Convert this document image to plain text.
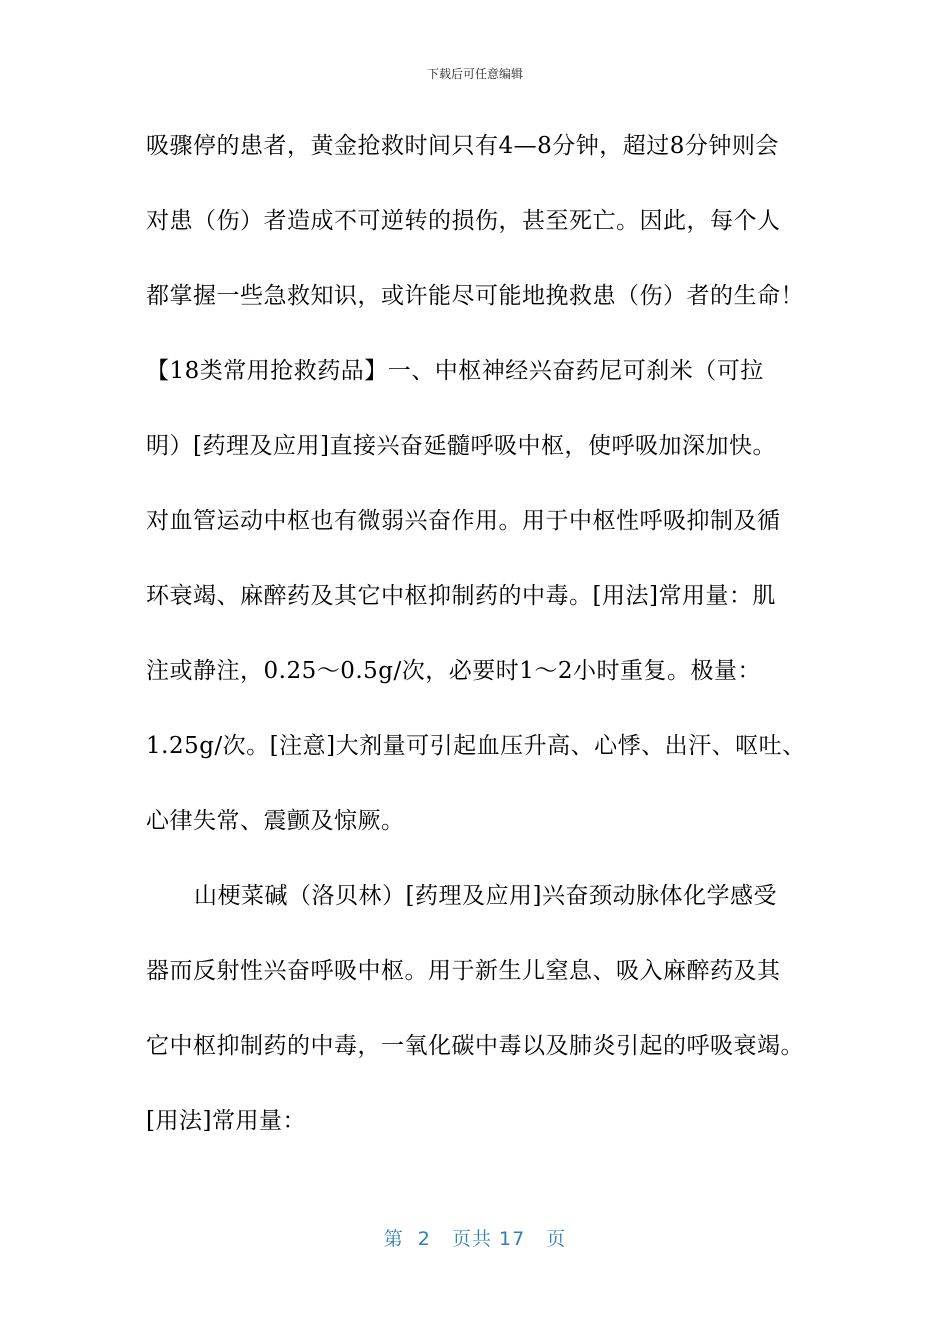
下载后可任意编辑
吸骤停的患者，黄金抢救时间只有4—8分钟，超过8分钟则会
对患（伤）者造成不可逆转的损伤，甚至死亡。因此，每个人
都掌握一些急救知识，或许能尽可能地挽救患（伤）者的生命！
【18类常用抢救药品】一、中枢神经兴奋药尼可刹米（可拉
明）[药理及应用]直接兴奋延髓呼吸中枢，使呼吸加深加快。
对血管运动中枢也有微弱兴奋作用。用于中枢性呼吸抑制及循
环衰竭、麻醉药及其它中枢抑制药的中毒。[用法]常用量：肌
注或静注，0.25～0.5g/次，必要时1～2小时重复。极量：
1.25g/次。[注意]大剂量可引起血压升高、心悸、出汗、呕吐、
心律失常、震颤及惊厥。
山梗菜碱（洛贝林）[药理及应用]兴奋颈动脉体化学感受
器而反射性兴奋呼吸中枢。用于新生儿窒息、吸入麻醉药及其
它中枢抑制药的中毒，一氧化碳中毒以及肺炎引起的呼吸衰竭。
[用法]常用量：
第  2   页共 17   页
